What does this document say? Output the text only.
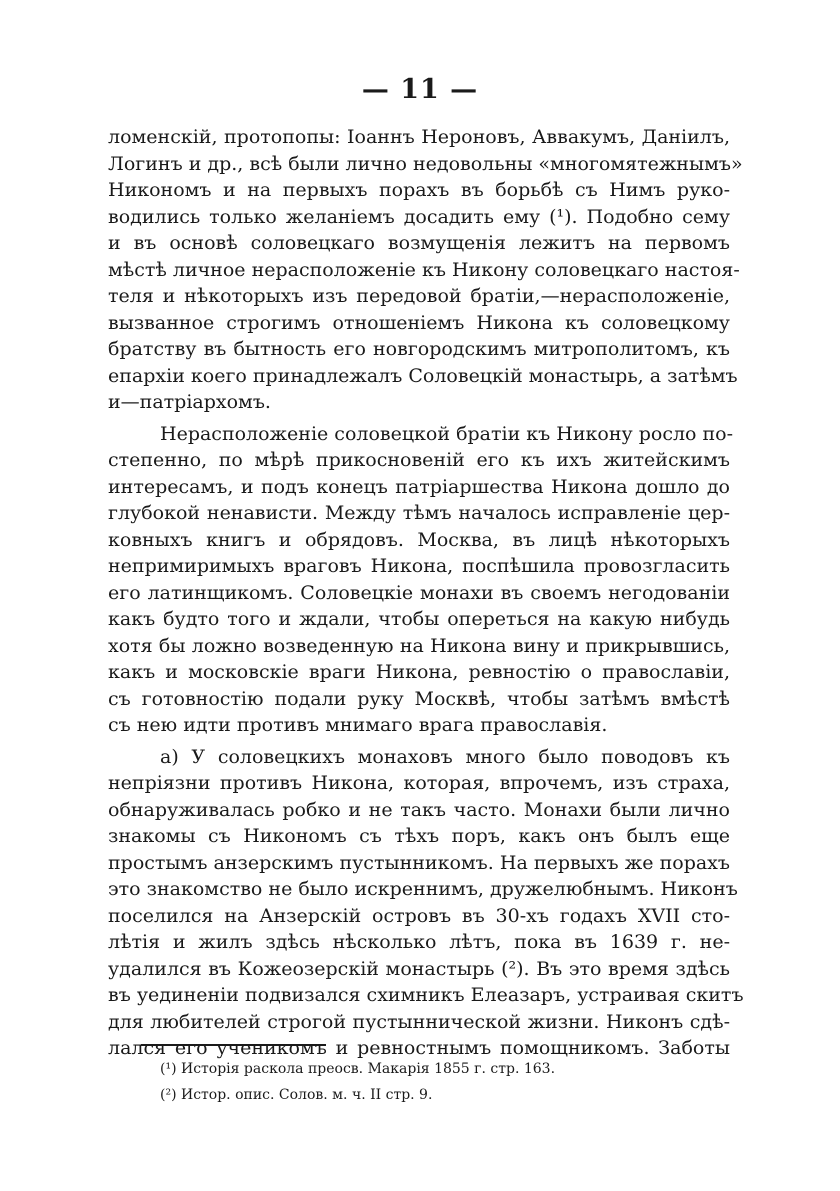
— 11 —
ломенскій, протопопы: Іоаннъ Нероновъ, Аввакумъ, Даніилъ,
Логинъ и др., всѣ были лично недовольны «многомятежнымъ»
Никономъ и на первыхъ порахъ въ борьбѣ съ Нимъ руко-
водились только желаніемъ досадить ему (¹). Подобно сему
и въ основѣ соловецкаго возмущенія лежитъ на первомъ
мѣстѣ личное нерасположеніе къ Никону соловецкаго настоя-
теля и нѣкоторыхъ изъ передовой братіи,—нерасположеніе,
вызванное строгимъ отношеніемъ Никона къ соловецкому
братству въ бытность его новгородскимъ митрополитомъ, къ
епархіи коего принадлежалъ Соловецкій монастырь, а затѣмъ
и—патріархомъ.
Нерасположеніе соловецкой братіи къ Никону росло по-
степенно, по мѣрѣ прикосновеній его къ ихъ житейскимъ
интересамъ, и подъ конецъ патріаршества Никона дошло до
глубокой ненависти. Между тѣмъ началось исправленіе цер-
ковныхъ книгъ и обрядовъ. Москва, въ лицѣ нѣкоторыхъ
непримиримыхъ враговъ Никона, поспѣшила провозгласить
его латинщикомъ. Соловецкіе монахи въ своемъ негодованіи
какъ будто того и ждали, чтобы опереться на какую нибудь
хотя бы ложно возведенную на Никона вину и прикрывшись,
какъ и московскіе враги Никона, ревностію о православіи,
съ готовностію подали руку Москвѣ, чтобы затѣмъ вмѣстѣ
съ нею идти противъ мнимаго врага православія.
а) У соловецкихъ монаховъ много было поводовъ къ
непріязни противъ Никона, которая, впрочемъ, изъ страха,
обнаруживалась робко и не такъ часто. Монахи были лично
знакомы съ Никономъ съ тѣхъ поръ, какъ онъ былъ еще
простымъ анзерскимъ пустынникомъ. На первыхъ же порахъ
это знакомство не было искреннимъ, дружелюбнымъ. Никонъ
поселился на Анзерскій островъ въ 30-хъ годахъ XVII сто-
лѣтія и жилъ здѣсь нѣсколько лѣтъ, пока въ 1639 г. не-
удалился въ Кожеозерскій монастырь (²). Въ это время здѣсь
въ уединеніи подвизался схимникъ Елеазаръ, устраивая скитъ
для любителей строгой пустыннической жизни. Никонъ сдѣ-
лался его ученикомъ и ревностнымъ помощникомъ. Заботы
(¹) Исторія раскола преосв. Макарія 1855 г. стр. 163.
(²) Истор. опис. Солов. м. ч. II стр. 9.
